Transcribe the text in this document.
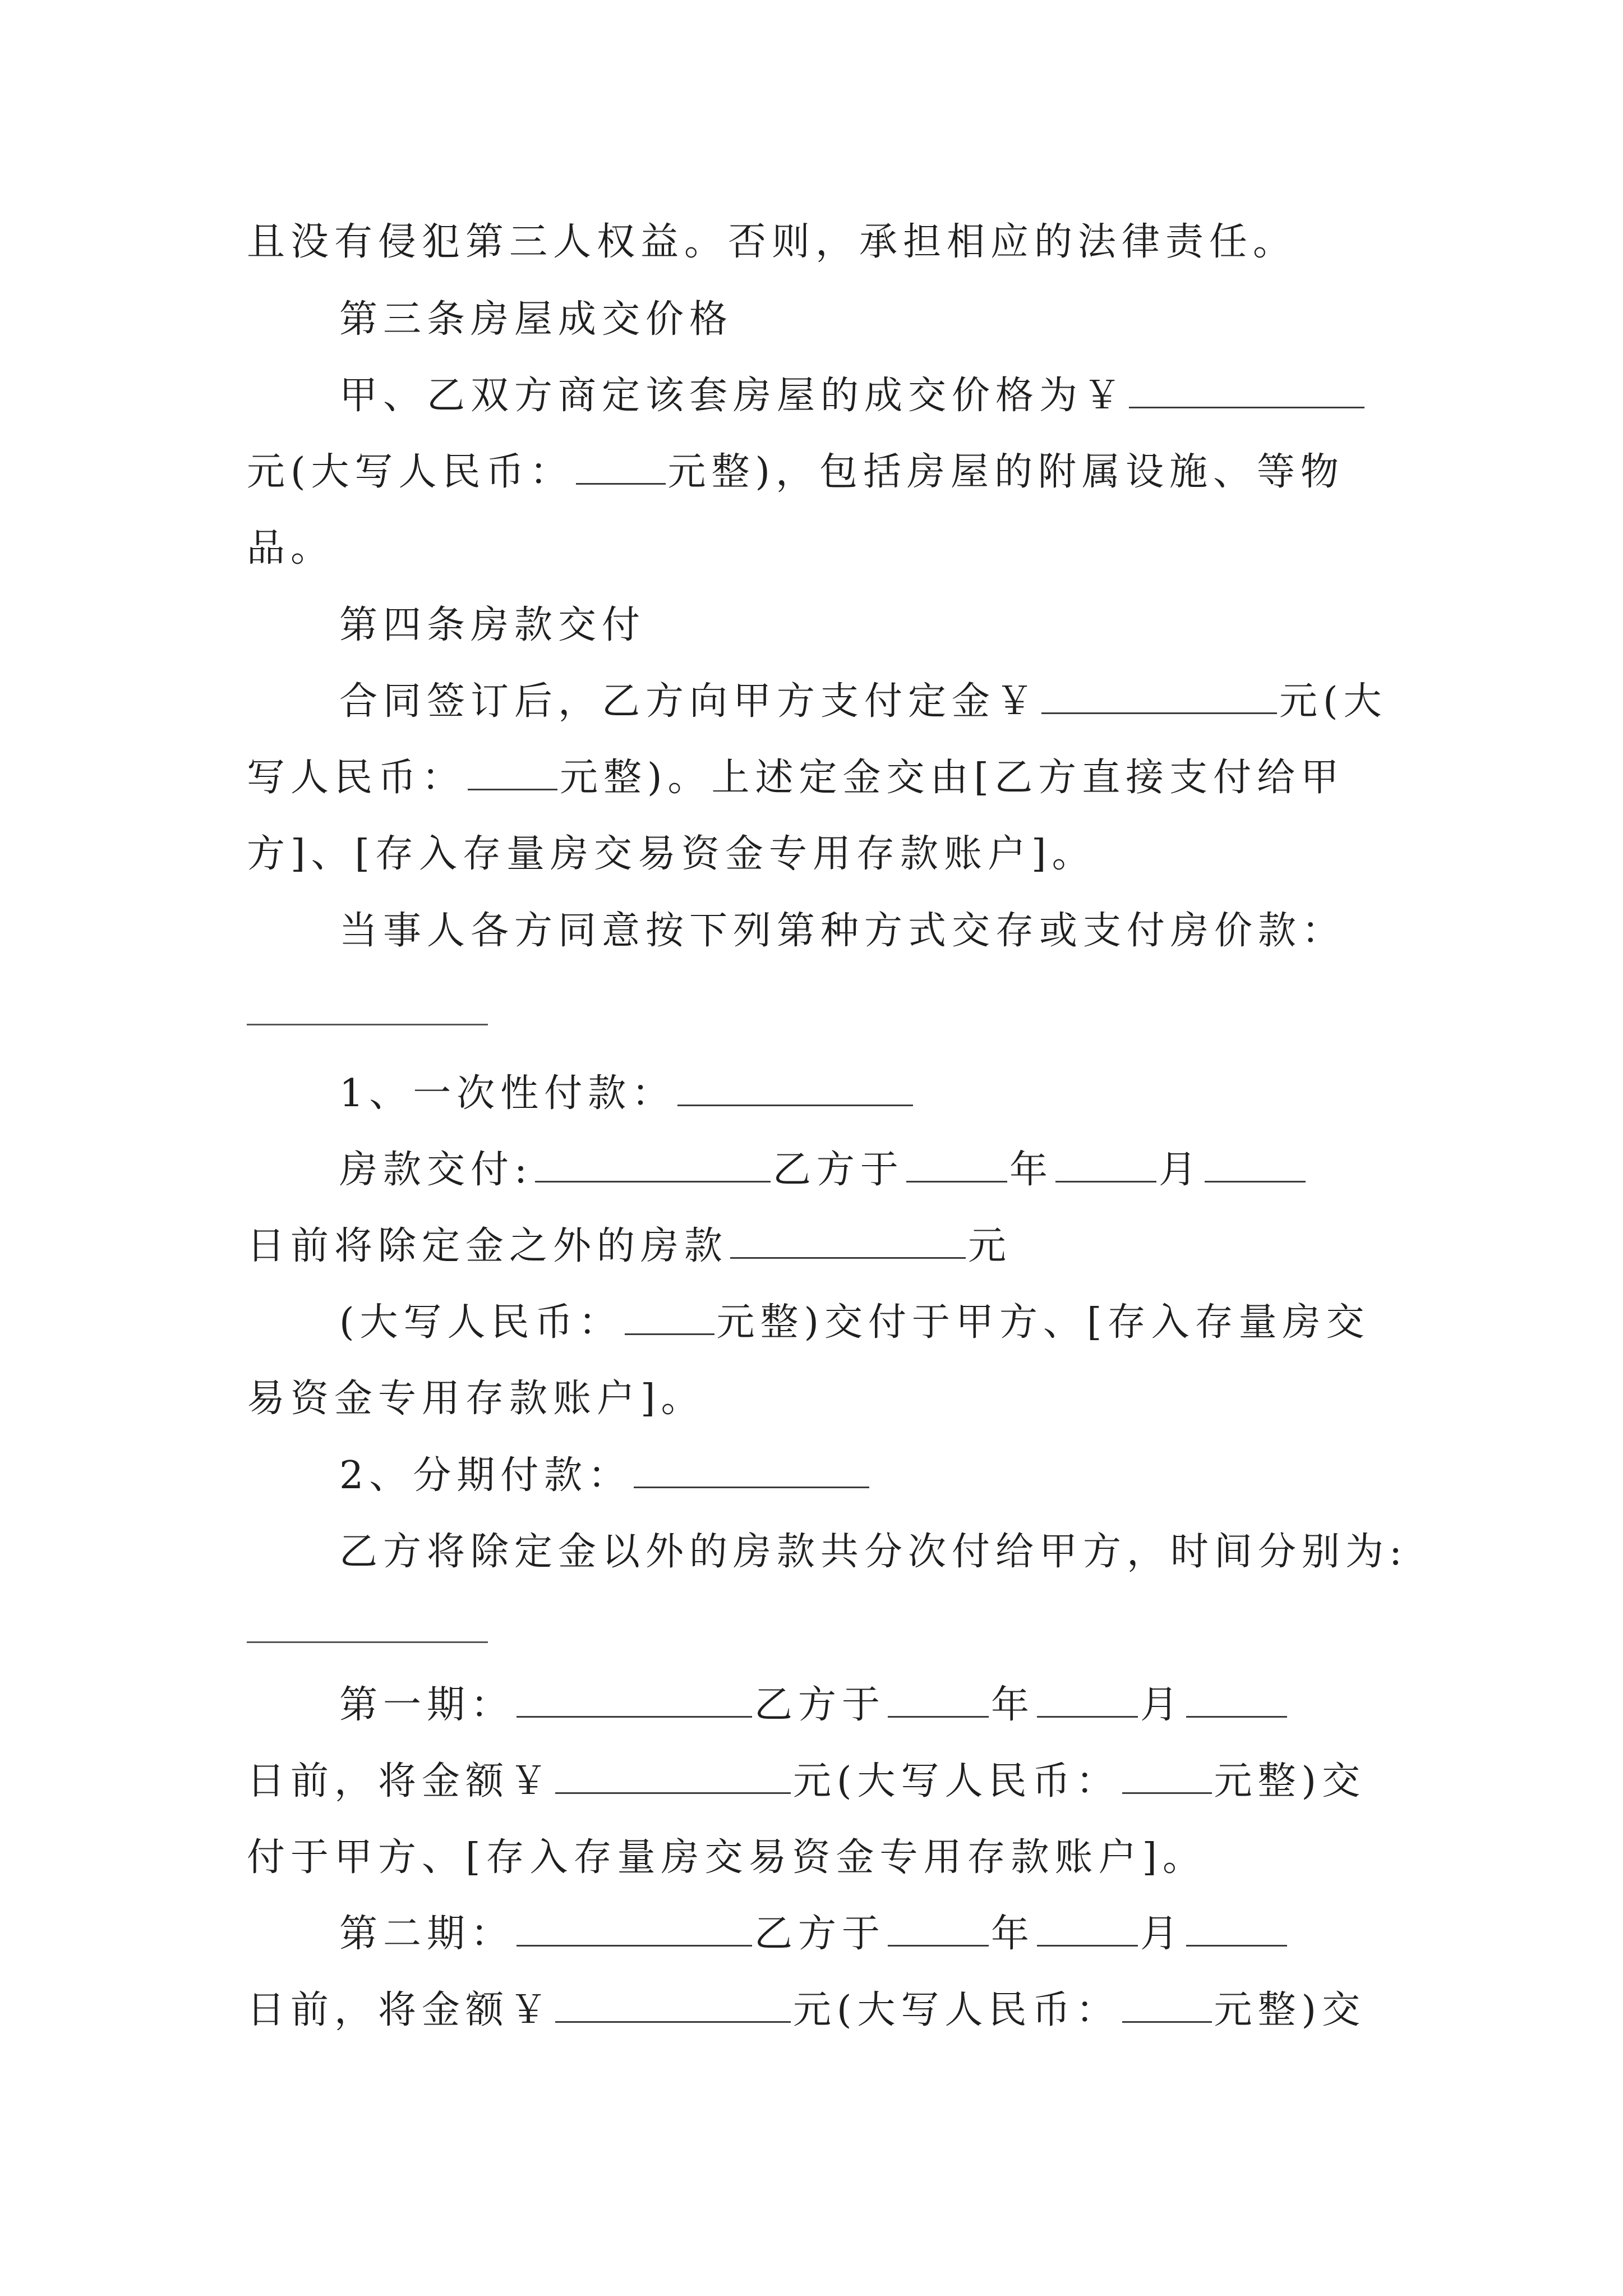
且没有侵犯第三人权益。否则，承担相应的法律责任。
第三条房屋成交价格
甲、乙双方商定该套房屋的成交价格为￥
元(大写人民币： 元整)，包括房屋的附属设施、等物
品。
第四条房款交付
合同签订后，乙方向甲方支付定金￥	元(大
写人民币： 元整)。上述定金交由[乙方直接支付给甲
方]、[存入存量房交易资金专用存款账户]。
当事人各方同意按下列第种方式交存或支付房价款：
1、一次性付款：
房款交付:	乙方于	年	月
日前将除定金之外的房款	元
(大写人民币： 元整)交付于甲方、[存入存量房交
易资金专用存款账户]。
2、分期付款：
乙方将除定金以外的房款共分次付给甲方，时间分别为:
第一期：	乙方于	年	月
日前，将金额￥	元(大写人民币： 元整)交
付于甲方、[存入存量房交易资金专用存款账户]。
第二期：	乙方于	年	月
日前，将金额￥	元(大写人民币： 元整)交
